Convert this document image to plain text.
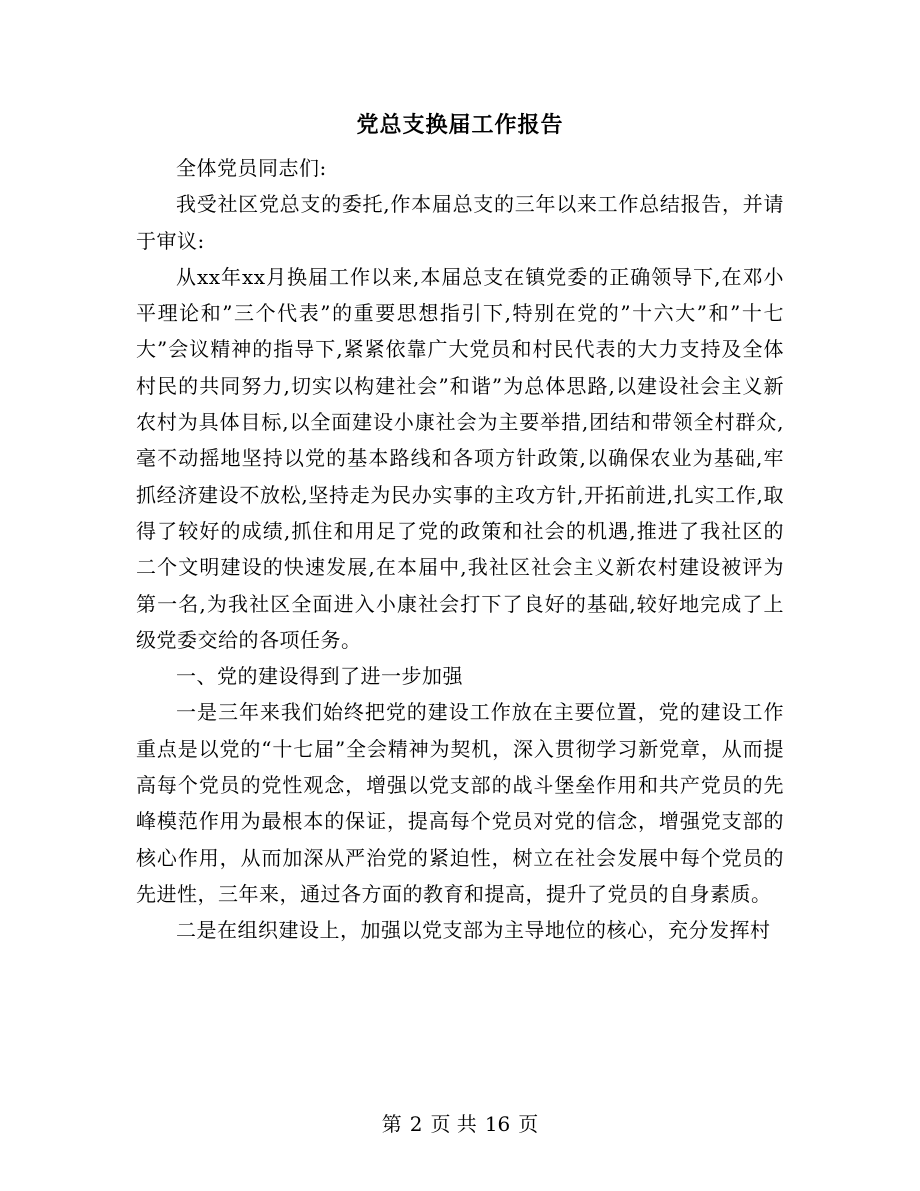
党总支换届工作报告

全体党员同志们:

我受社区党总支的委托,作本届总支的三年以来工作总结报告，并请于审议:

从xx年xx月换届工作以来,本届总支在镇党委的正确领导下,在邓小平理论和”三个代表”的重要思想指引下,特别在党的”十六大”和”十七大”会议精神的指导下,紧紧依靠广大党员和村民代表的大力支持及全体村民的共同努力,切实以构建社会”和谐”为总体思路,以建设社会主义新农村为具体目标,以全面建设小康社会为主要举措,团结和带领全村群众,毫不动摇地坚持以党的基本路线和各项方针政策,以确保农业为基础,牢抓经济建设不放松,坚持走为民办实事的主攻方针,开拓前进,扎实工作,取得了较好的成绩,抓住和用足了党的政策和社会的机遇,推进了我社区的二个文明建设的快速发展,在本届中,我社区社会主义新农村建设被评为第一名,为我社区全面进入小康社会打下了良好的基础,较好地完成了上级党委交给的各项任务。

一、党的建设得到了进一步加强

一是三年来我们始终把党的建设工作放在主要位置，党的建设工作重点是以党的“十七届”全会精神为契机，深入贯彻学习新党章，从而提高每个党员的党性观念，增强以党支部的战斗堡垒作用和共产党员的先峰模范作用为最根本的保证，提高每个党员对党的信念，增强党支部的核心作用，从而加深从严治党的紧迫性，树立在社会发展中每个党员的先进性，三年来，通过各方面的教育和提高，提升了党员的自身素质。

二是在组织建设上，加强以党支部为主导地位的核心，充分发挥村

第 2 页 共 16 页
